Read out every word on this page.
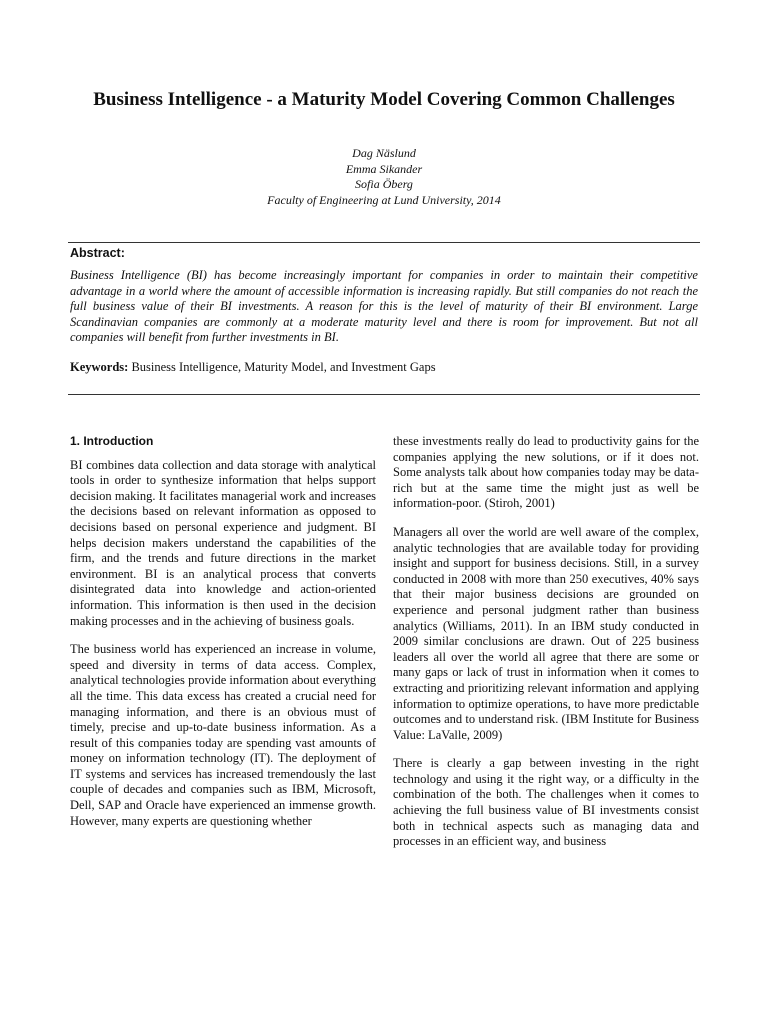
Business Intelligence - a Maturity Model Covering Common Challenges
Dag Näslund
Emma Sikander
Sofia Öberg
Faculty of Engineering at Lund University, 2014
Abstract:

Business Intelligence (BI) has become increasingly important for companies in order to maintain their competitive advantage in a world where the amount of accessible information is increasing rapidly. But still companies do not reach the full business value of their BI investments. A reason for this is the level of maturity of their BI environment. Large Scandinavian companies are commonly at a moderate maturity level and there is room for improvement. But not all companies will benefit from further investments in BI.

Keywords: Business Intelligence, Maturity Model, and Investment Gaps
1. Introduction

BI combines data collection and data storage with analytical tools in order to synthesize information that helps support decision making. It facilitates managerial work and increases the decisions based on relevant information as opposed to decisions based on personal experience and judgment. BI helps decision makers understand the capabilities of the firm, and the trends and future directions in the market environment. BI is an analytical process that converts disintegrated data into knowledge and action-oriented information. This information is then used in the decision making processes and in the achieving of business goals.

The business world has experienced an increase in volume, speed and diversity in terms of data access. Complex, analytical technologies provide information about everything all the time. This data excess has created a crucial need for managing information, and there is an obvious must of timely, precise and up-to-date business information. As a result of this companies today are spending vast amounts of money on information technology (IT). The deployment of IT systems and services has increased tremendously the last couple of decades and companies such as IBM, Microsoft, Dell, SAP and Oracle have experienced an immense growth. However, many experts are questioning whether

these investments really do lead to productivity gains for the companies applying the new solutions, or if it does not. Some analysts talk about how companies today may be data-rich but at the same time the might just as well be information-poor. (Stiroh, 2001)

Managers all over the world are well aware of the complex, analytic technologies that are available today for providing insight and support for business decisions. Still, in a survey conducted in 2008 with more than 250 executives, 40% says that their major business decisions are grounded on experience and personal judgment rather than business analytics (Williams, 2011). In an IBM study conducted in 2009 similar conclusions are drawn. Out of 225 business leaders all over the world all agree that there are some or many gaps or lack of trust in information when it comes to extracting and prioritizing relevant information and applying information to optimize operations, to have more predictable outcomes and to understand risk. (IBM Institute for Business Value: LaValle, 2009)

There is clearly a gap between investing in the right technology and using it the right way, or a difficulty in the combination of the both. The challenges when it comes to achieving the full business value of BI investments consist both in technical aspects such as managing data and processes in an efficient way, and business
